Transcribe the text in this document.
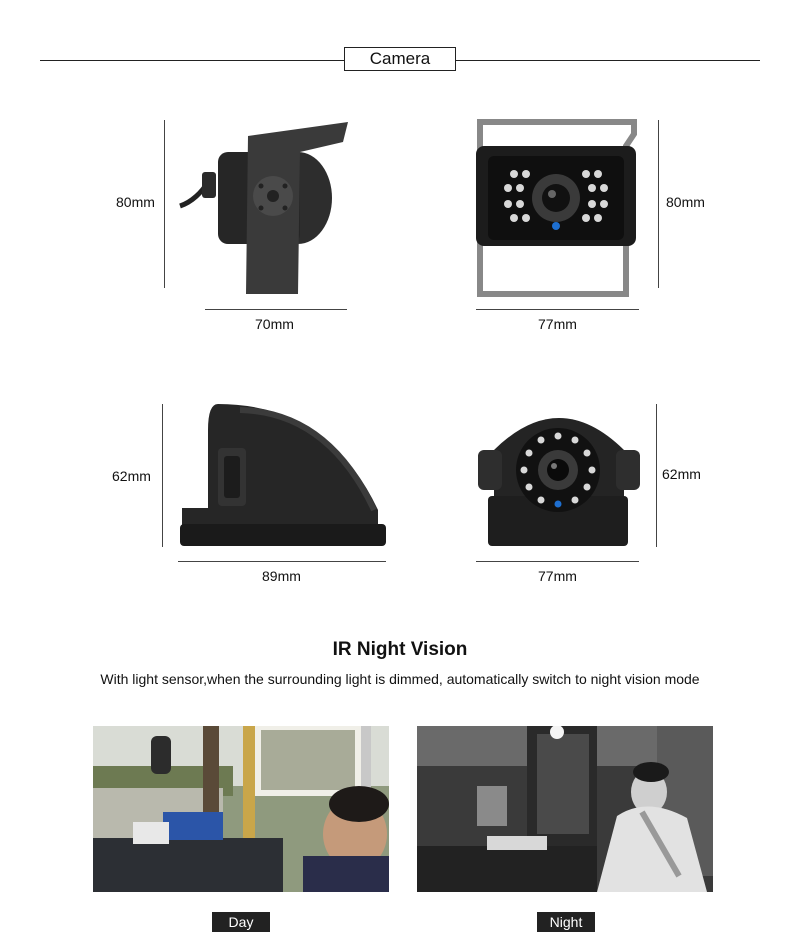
Camera
80mm
70mm
80mm
77mm
62mm
89mm
62mm
77mm
IR Night Vision
With light sensor,when the surrounding light is dimmed, automatically switch to night vision mode
Day	Night
